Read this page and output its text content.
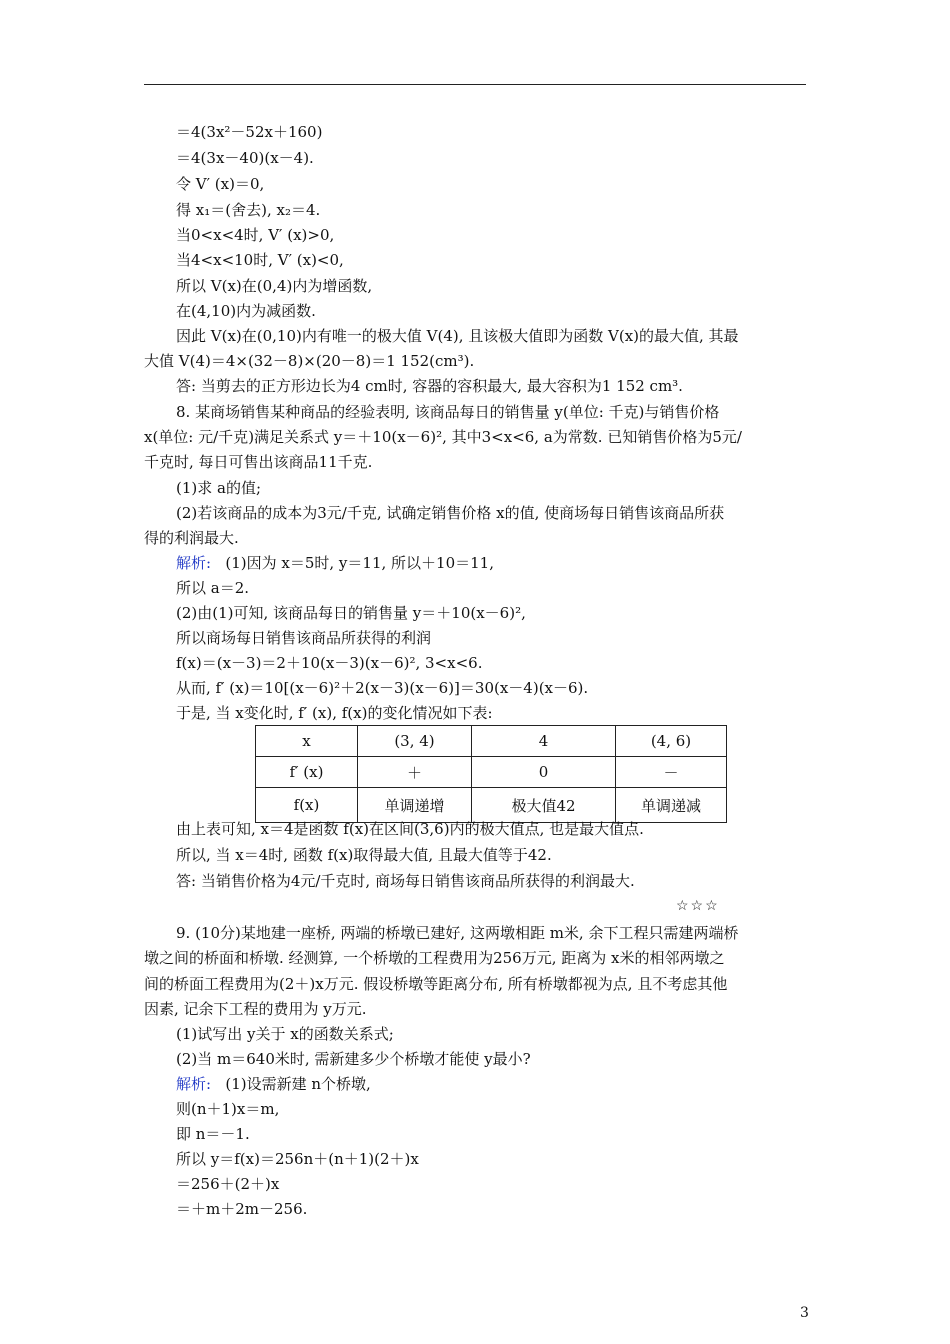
＝4(3x²－52x＋160)
＝4(3x－40)(x－4).
令 V′ (x)＝0,
得 x₁＝(舍去), x₂＝4.
当0<x<4时, V′ (x)>0,
当4<x<10时, V′ (x)<0,
所以 V(x)在(0,4)内为增函数,
在(4,10)内为减函数.
因此 V(x)在(0,10)内有唯一的极大值 V(4), 且该极大值即为函数 V(x)的最大值, 其最
大值 V(4)＝4×(32－8)×(20－8)＝1 152(cm³).
答: 当剪去的正方形边长为4 cm时, 容器的容积最大, 最大容积为1 152 cm³.
8. 某商场销售某种商品的经验表明, 该商品每日的销售量 y(单位: 千克)与销售价格
x(单位: 元/千克)满足关系式 y＝＋10(x－6)², 其中3<x<6, a为常数. 已知销售价格为5元/
千克时, 每日可售出该商品11千克.
(1)求 a的值;
(2)若该商品的成本为3元/千克, 试确定销售价格 x的值, 使商场每日销售该商品所获
得的利润最大.
解析: (1)因为 x＝5时, y＝11, 所以＋10＝11,
所以 a＝2.
(2)由(1)可知, 该商品每日的销售量 y＝＋10(x－6)²,
所以商场每日销售该商品所获得的利润
f(x)＝(x－3)＝2＋10(x－3)(x－6)², 3<x<6.
从而, f′ (x)＝10[(x－6)²＋2(x－3)(x－6)]＝30(x－4)(x－6).
于是, 当 x变化时, f′ (x), f(x)的变化情况如下表:
x	(3, 4)	4	(4, 6)
f′ (x)	＋	0	－
f(x)	单调递增	极大值42	单调递减
由上表可知, x＝4是函数 f(x)在区间(3,6)内的极大值点, 也是最大值点.
所以, 当 x＝4时, 函数 f(x)取得最大值, 且最大值等于42.
答: 当销售价格为4元/千克时, 商场每日销售该商品所获得的利润最大.
☆☆☆
9. (10分)某地建一座桥, 两端的桥墩已建好, 这两墩相距 m米, 余下工程只需建两端桥
墩之间的桥面和桥墩. 经测算, 一个桥墩的工程费用为256万元, 距离为 x米的相邻两墩之
间的桥面工程费用为(2＋)x万元. 假设桥墩等距离分布, 所有桥墩都视为点, 且不考虑其他
因素, 记余下工程的费用为 y万元.
(1)试写出 y关于 x的函数关系式;
(2)当 m＝640米时, 需新建多少个桥墩才能使 y最小?
解析: (1)设需新建 n个桥墩,
则(n＋1)x＝m,
即 n＝－1.
所以 y＝f(x)＝256n＋(n＋1)(2＋)x
＝256＋(2＋)x
＝＋m＋2m－256.
3
